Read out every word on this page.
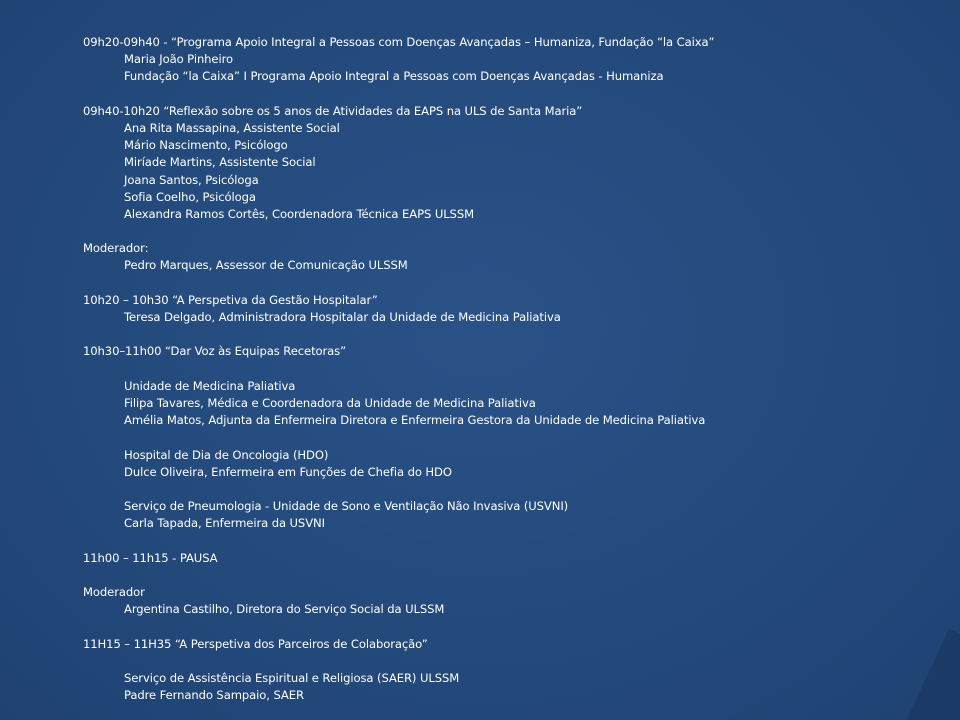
09h20-09h40 - “Programa Apoio Integral a Pessoas com Doenças Avançadas – Humaniza, Fundação “la Caixa”
Maria João Pinheiro
Fundação “la Caixa” I Programa Apoio Integral a Pessoas com Doenças Avançadas - Humaniza
09h40-10h20 “Reflexão sobre os 5 anos de Atividades da EAPS na ULS de Santa Maria”
Ana Rita Massapina, Assistente Social
Mário Nascimento, Psicólogo
Miríade Martins, Assistente Social
Joana Santos, Psicóloga
Sofia Coelho, Psicóloga
Alexandra Ramos Cortês, Coordenadora Técnica EAPS ULSSM
Moderador:
Pedro Marques, Assessor de Comunicação ULSSM
10h20 – 10h30 “A Perspetiva da Gestão Hospitalar”
Teresa Delgado, Administradora Hospitalar da Unidade de Medicina Paliativa
10h30–11h00 “Dar Voz às Equipas Recetoras”
Unidade de Medicina Paliativa
Filipa Tavares, Médica e Coordenadora da Unidade de Medicina Paliativa
Amélia Matos, Adjunta da Enfermeira Diretora e Enfermeira Gestora da Unidade de Medicina Paliativa
Hospital de Dia de Oncologia (HDO)
Dulce Oliveira, Enfermeira em Funções de Chefia do HDO
Serviço de Pneumologia - Unidade de Sono e Ventilação Não Invasiva (USVNI)
Carla Tapada, Enfermeira da USVNI
11h00 – 11h15 - PAUSA
Moderador
Argentina Castilho, Diretora do Serviço Social da ULSSM
11H15 – 11H35 “A Perspetiva dos Parceiros de Colaboração”
Serviço de Assistência Espiritual e Religiosa (SAER) ULSSM
Padre Fernando Sampaio, SAER
